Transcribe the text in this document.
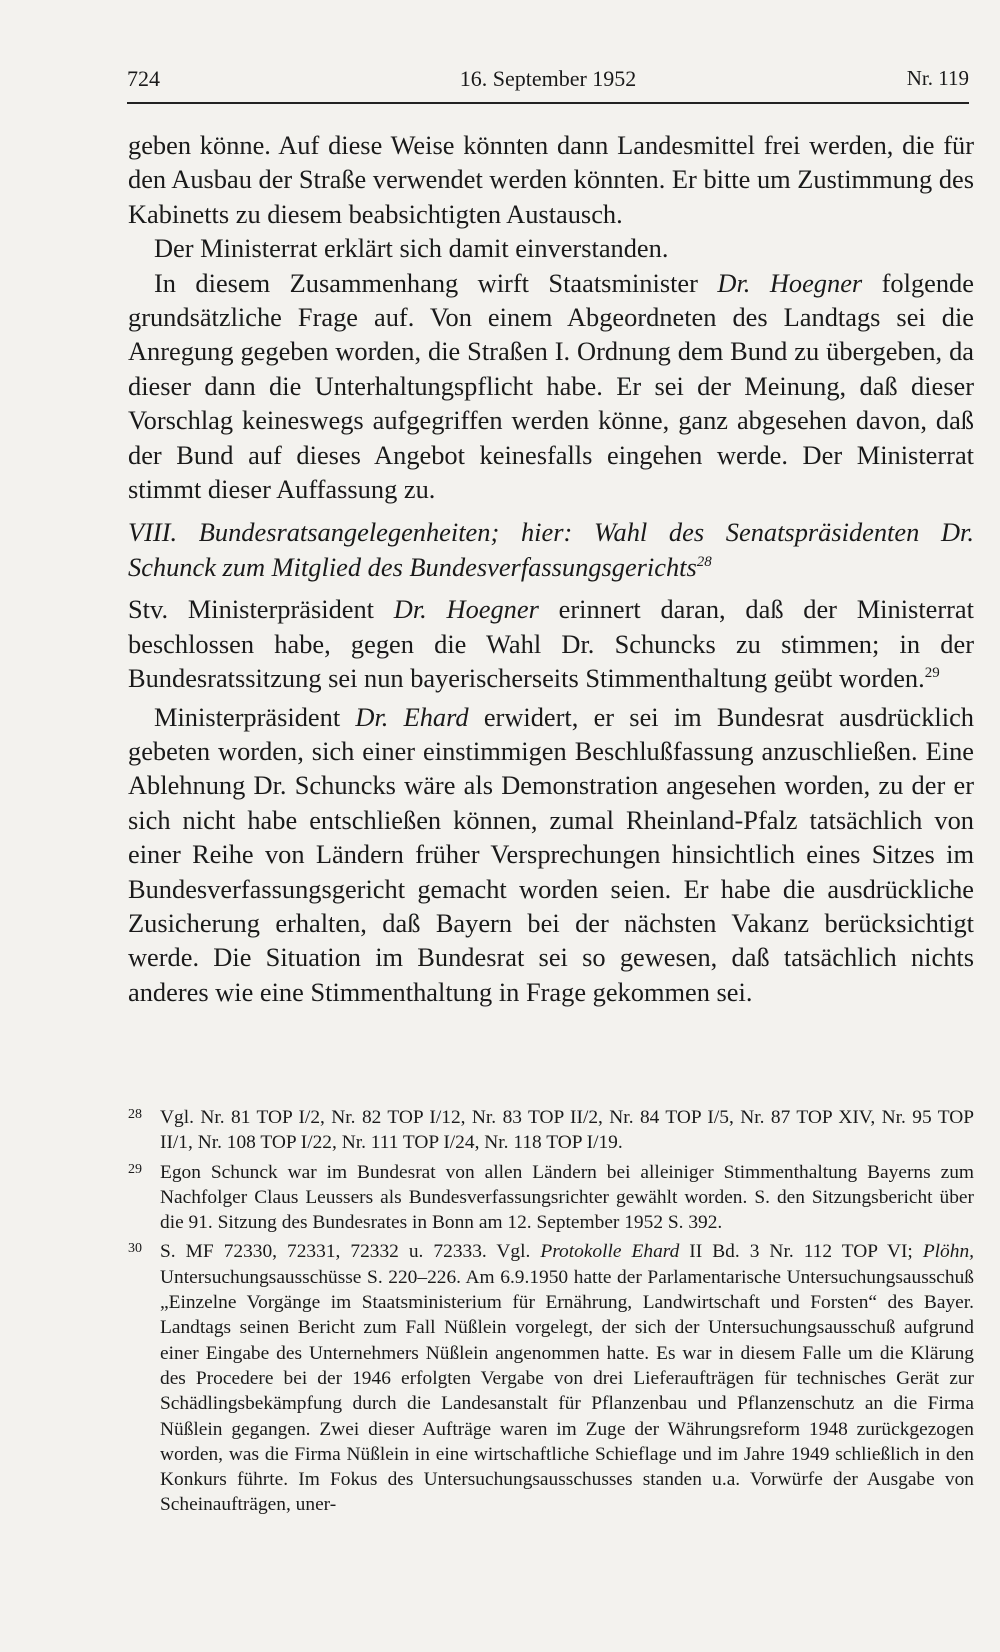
724	16. September 1952	Nr. 119

geben könne. Auf diese Weise könnten dann Landesmittel frei werden, die für den Ausbau der Straße verwendet werden könnten. Er bitte um Zustimmung des Kabinetts zu diesem beabsichtigten Austausch.

Der Ministerrat erklärt sich damit einverstanden.

In diesem Zusammenhang wirft Staatsminister Dr. Hoegner folgende grundsätzliche Frage auf. Von einem Abgeordneten des Landtags sei die Anregung gegeben worden, die Straßen I. Ordnung dem Bund zu übergeben, da dieser dann die Unterhaltungspflicht habe. Er sei der Meinung, daß dieser Vorschlag keineswegs aufgegriffen werden könne, ganz abgesehen davon, daß der Bund auf dieses Angebot keinesfalls eingehen werde. Der Ministerrat stimmt dieser Auffassung zu.

VIII. Bundesratsangelegenheiten; hier: Wahl des Senatspräsidenten Dr. Schunck zum Mitglied des Bundesverfassungsgerichts$^{28}$

Stv. Ministerpräsident Dr. Hoegner erinnert daran, daß der Ministerrat beschlossen habe, gegen die Wahl Dr. Schuncks zu stimmen; in der Bundesratssitzung sei nun bayerischerseits Stimmenthaltung geübt worden.$^{29}$

Ministerpräsident Dr. Ehard erwidert, er sei im Bundesrat ausdrücklich gebeten worden, sich einer einstimmigen Beschlußfassung anzuschließen. Eine Ablehnung Dr. Schuncks wäre als Demonstration angesehen worden, zu der er sich nicht habe entschließen können, zumal Rheinland-Pfalz tatsächlich von einer Reihe von Ländern früher Versprechungen hinsichtlich eines Sitzes im Bundesverfassungsgericht gemacht worden seien. Er habe die ausdrückliche Zusicherung erhalten, daß Bayern bei der nächsten Vakanz berücksichtigt werde. Die Situation im Bundesrat sei so gewesen, daß tatsächlich nichts anderes wie eine Stimmenthaltung in Frage gekommen sei.

28 Vgl. Nr. 81 TOP I/2, Nr. 82 TOP I/12, Nr. 83 TOP II/2, Nr. 84 TOP I/5, Nr. 87 TOP XIV, Nr. 95 TOP II/1, Nr. 108 TOP I/22, Nr. 111 TOP I/24, Nr. 118 TOP I/19.
29 Egon Schunck war im Bundesrat von allen Ländern bei alleiniger Stimmenthaltung Bayerns zum Nachfolger Claus Leussers als Bundesverfassungsrichter gewählt worden. S. den Sitzungsbericht über die 91. Sitzung des Bundesrates in Bonn am 12. September 1952 S. 392.
30 S. MF 72330, 72331, 72332 u. 72333. Vgl. Protokolle Ehard II Bd. 3 Nr. 112 TOP VI; Plöhn, Untersuchungsausschüsse S. 220–226. Am 6.9.1950 hatte der Parlamentarische Untersuchungsausschuß „Einzelne Vorgänge im Staatsministerium für Ernährung, Landwirtschaft und Forsten“ des Bayer. Landtags seinen Bericht zum Fall Nüßlein vorgelegt, der sich der Untersuchungsausschuß aufgrund einer Eingabe des Unternehmers Nüßlein angenommen hatte. Es war in diesem Falle um die Klärung des Procedere bei der 1946 erfolgten Vergabe von drei Lieferaufträgen für technisches Gerät zur Schädlingsbekämpfung durch die Landesanstalt für Pflanzenbau und Pflanzenschutz an die Firma Nüßlein gegangen. Zwei dieser Aufträge waren im Zuge der Währungsreform 1948 zurückgezogen worden, was die Firma Nüßlein in eine wirtschaftliche Schieflage und im Jahre 1949 schließlich in den Konkurs führte. Im Fokus des Untersuchungsausschusses standen u.a. Vorwürfe der Ausgabe von Scheinaufträgen, uner-
